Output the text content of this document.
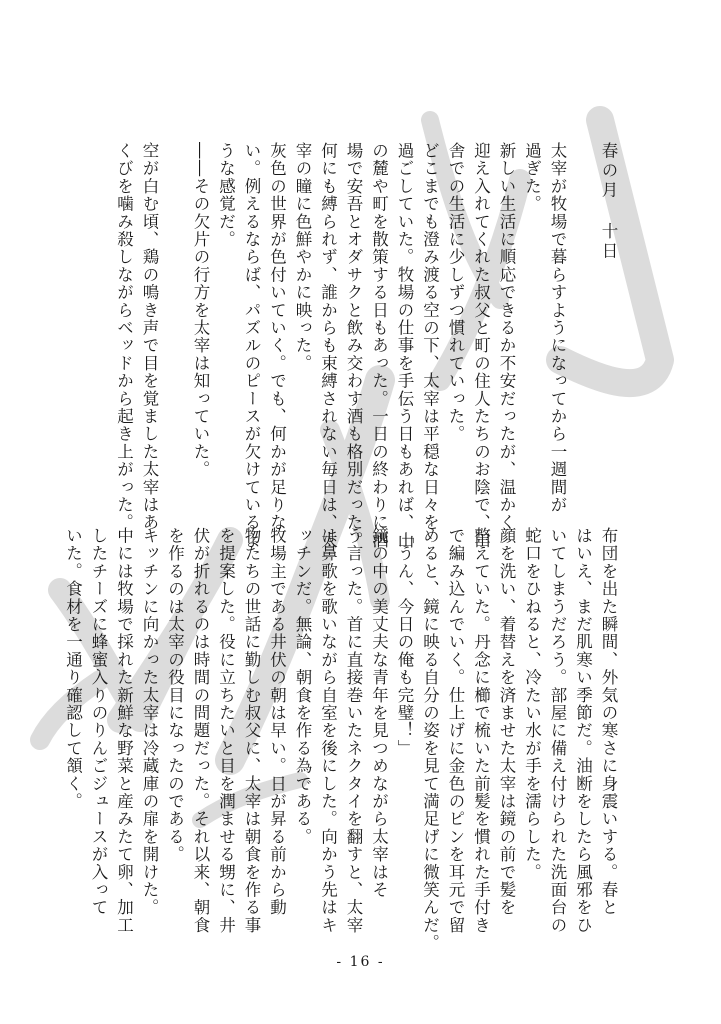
春の月十日
太宰が牧場で暮らすようになってから一週間が
過ぎた。
新しい生活に順応できるか不安だったが、温かく
迎え入れてくれた叔父と町の住人たちのお陰で、田
舎での生活に少しずつ慣れていった。
どこまでも澄み渡る空の下、太宰は平穏な日々を
過ごしていた。牧場の仕事を手伝う日もあれば、山
の麓や町を散策する日もあった。一日の終わりに酒
場で安吾とオダサクと飲み交わす酒も格別だった。
何にも縛られず、誰からも束縛されない毎日は、太
宰の瞳に色鮮やかに映った。
灰色の世界が色付いていく。でも、何かが足りな
い。例えるならば、パズルのピースが欠けているよ
うな感覚だ。
――その欠片の行方を太宰は知っていた。
空が白む頃、鶏の鳴き声で目を覚ました太宰はあ
くびを噛み殺しながらベッドから起き上がった。
布団を出た瞬間、外気の寒さに身震いする。春と
はいえ、まだ肌寒い季節だ。油断をしたら風邪をひ
いてしまうだろう。部屋に備え付けられた洗面台の
蛇口をひねると、冷たい水が手を濡らした。
顔を洗い、着替えを済ませた太宰は鏡の前で髪を
整えていた。丹念に櫛で梳いた前髪を慣れた手付き
で編み込んでいく。仕上げに金色のピンを耳元で留
めると、鏡に映る自分の姿を見て満足げに微笑んだ。
「うん、今日の俺も完璧！」
鏡の中の美丈夫な青年を見つめながら太宰はそ
う言った。首に直接巻いたネクタイを翻すと、太宰
は鼻歌を歌いながら自室を後にした。向かう先はキ
ッチンだ。無論、朝食を作る為である。
牧場主である井伏の朝は早い。日が昇る前から動
物たちの世話に勤しむ叔父に、太宰は朝食を作る事
を提案した。役に立ちたいと目を潤ませる甥に、井
伏が折れるのは時間の問題だった。それ以来、朝食
を作るのは太宰の役目になったのである。
キッチンに向かった太宰は冷蔵庫の扉を開けた。
中には牧場で採れた新鮮な野菜と産みたて卵、加工
したチーズに蜂蜜入りのりんごジュースが入って
いた。食材を一通り確認して頷く。
- 16 -
